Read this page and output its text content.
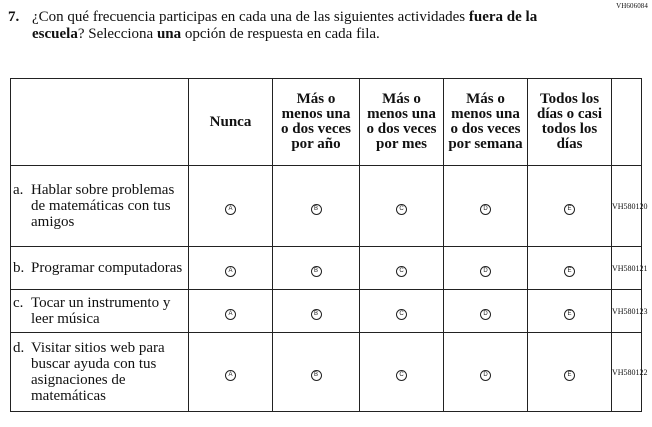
VH606084
7. ¿Con qué frecuencia participas en cada una de las siguientes actividades fuera de la
escuela? Selecciona una opción de respuesta en cada fila.
	Nunca	Más o
menos una
o dos veces
por año	Más o
menos una
o dos veces
por mes	Más o
menos una
o dos veces
por semana	Todos los
días o casi
todos los
días	

a. Hablar sobre problemas de matemáticas con tus amigos	A	B	C	D	E	VH580120

b. Programar computadoras	A	B	C	D	E	VH580121

c. Tocar un instrumento y leer música	A	B	C	D	E	VH580123

d. Visitar sitios web para buscar ayuda con tus asignaciones de matemáticas	A	B	C	D	E	VH580122
